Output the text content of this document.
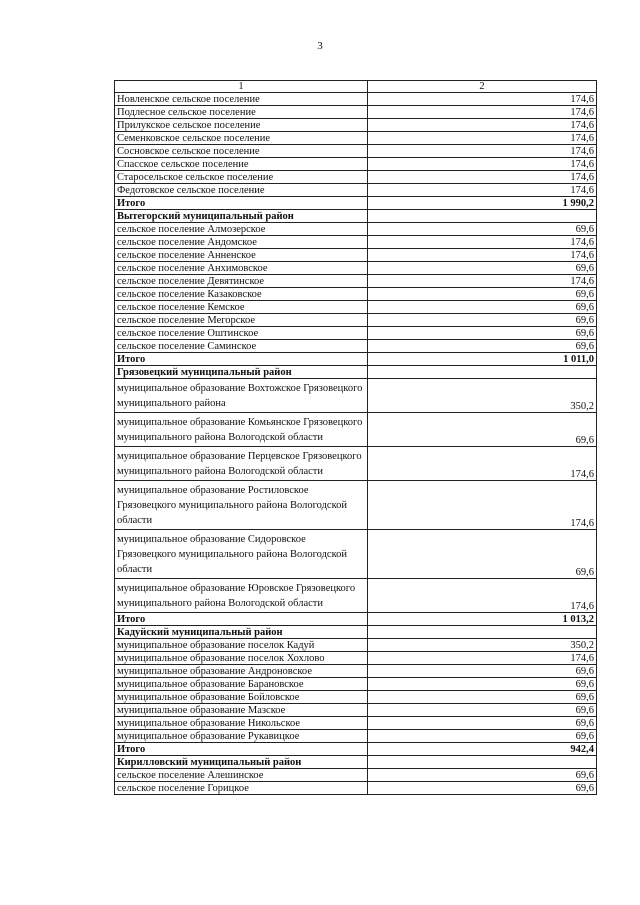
3
1	2
Новленское сельское поселение	174,6
Подлесное сельское поселение	174,6
Прилукское сельское поселение	174,6
Семенковское сельское поселение	174,6
Сосновское сельское поселение	174,6
Спасское сельское поселение	174,6
Старосельское сельское поселение	174,6
Федотовское сельское поселение	174,6
Итого	1 990,2
Вытегорский муниципальный район	
сельское поселение Алмозерское	69,6
сельское поселение Андомское	174,6
сельское поселение Анненское	174,6
сельское поселение Анхимовское	69,6
сельское поселение Девятинское	174,6
сельское поселение Казаковское	69,6
сельское поселение Кемское	69,6
сельское поселение Мегорское	69,6
сельское поселение Оштинское	69,6
сельское поселение Саминское	69,6
Итого	1 011,0
Грязовецкий муниципальный район	
муниципальное образование Вохтожское Грязовецкого муниципального района	350,2
муниципальное образование Комьянское Грязовецкого муниципального района Вологодской области	69,6
муниципальное образование Перцевское Грязовецкого муниципального района Вологодской области	174,6
муниципальное образование Ростиловское Грязовецкого муниципального района Вологодской области	174,6
муниципальное образование Сидоровское Грязовецкого муниципального района Вологодской области	69,6
муниципальное образование Юровское Грязовецкого муниципального района Вологодской области	174,6
Итого	1 013,2
Кадуйский муниципальный район	
муниципальное образование поселок Кадуй	350,2
муниципальное образование поселок Хохлово	174,6
муниципальное образование Андроновское	69,6
муниципальное образование Барановское	69,6
муниципальное образование Бойловское	69,6
муниципальное образование Мазское	69,6
муниципальное образование Никольское	69,6
муниципальное образование Рукавицкое	69,6
Итого	942,4
Кирилловский муниципальный район	
сельское поселение Алешинское	69,6
сельское поселение Горицкое	69,6
